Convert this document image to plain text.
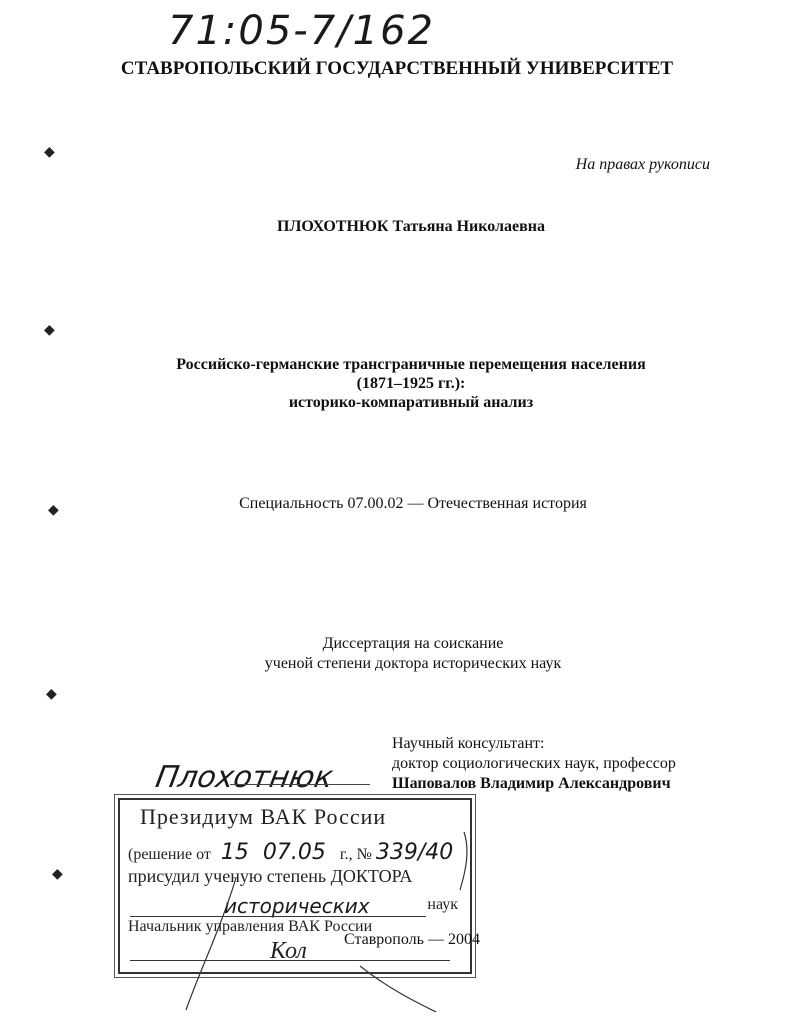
71:05-7/162
СТАВРОПОЛЬСКИЙ ГОСУДАРСТВЕННЫЙ УНИВЕРСИТЕТ
◆
◆
◆
◆
◆
На правах рукописи
ПЛОХОТНЮК Татьяна Николаевна
Российско-германские трансграничные перемещения населения
(1871–1925 гг.):
историко-компаративный анализ
Специальность 07.00.02 — Отечественная история
Диссертация на соискание
ученой степени доктора исторических наук
Научный консультант:
доктор социологических наук, профессор
Шаповалов Владимир Александрович
Плохотнюк
Президиум ВАК России
(решение от 15 07.05 г., № 339/40
присудил ученую степень ДОКТОРА
исторических	наук
Начальник управления ВАК России
Кол Ставрополь — 2004
